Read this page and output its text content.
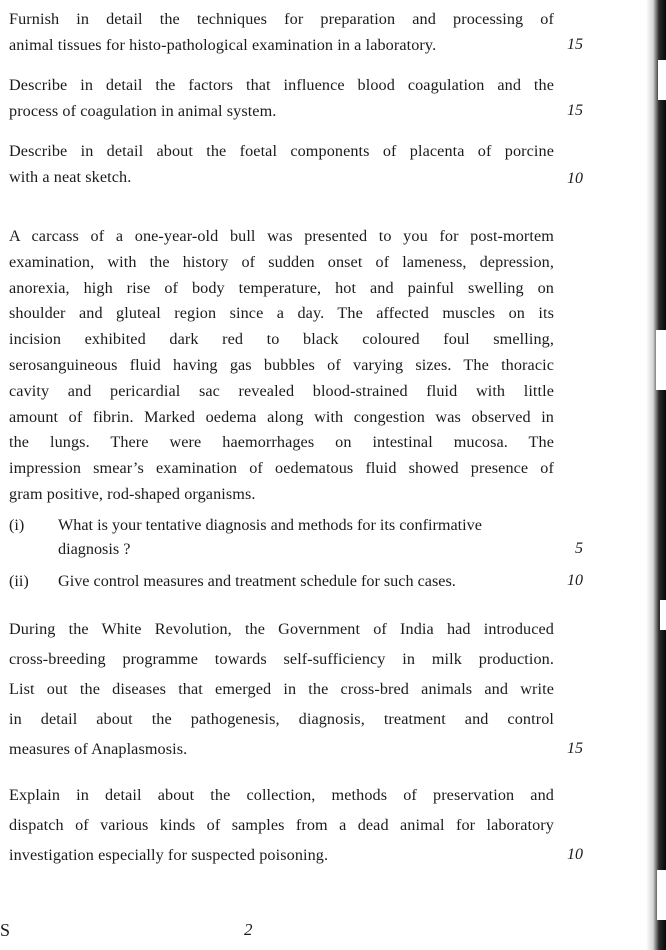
Furnish in detail the techniques for preparation and processing of
animal tissues for histo-pathological examination in a laboratory.	15
Describe in detail the factors that influence blood coagulation and the
process of coagulation in animal system.	15
Describe in detail about the foetal components of placenta of porcine
with a neat sketch.	10
A carcass of a one-year-old bull was presented to you for post-mortem
examination, with the history of sudden onset of lameness, depression,
anorexia, high rise of body temperature, hot and painful swelling on
shoulder and gluteal region since a day. The affected muscles on its
incision exhibited dark red to black coloured foul smelling,
serosanguineous fluid having gas bubbles of varying sizes. The thoracic
cavity and pericardial sac revealed blood-strained fluid with little
amount of fibrin. Marked oedema along with congestion was observed in
the lungs. There were haemorrhages on intestinal mucosa. The
impression smear’s examination of oedematous fluid showed presence of
gram positive, rod-shaped organisms.
(i) What is your tentative diagnosis and methods for its confirmative
diagnosis ?	5
(ii) Give control measures and treatment schedule for such cases.	10
During the White Revolution, the Government of India had introduced
cross-breeding programme towards self-sufficiency in milk production.
List out the diseases that emerged in the cross-bred animals and write
in detail about the pathogenesis, diagnosis, treatment and control
measures of Anaplasmosis.	15
Explain in detail about the collection, methods of preservation and
dispatch of various kinds of samples from a dead animal for laboratory
investigation especially for suspected poisoning.	10
S	2
